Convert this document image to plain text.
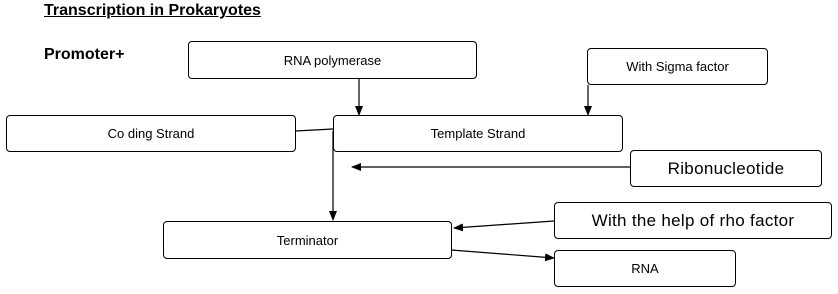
Transcription in Prokaryotes
Promoter+	RNA polymerase	With Sigma factor
Co ding Strand	Template Strand
Ribonucleotide
With the help of rho factor
Terminator
RNA
